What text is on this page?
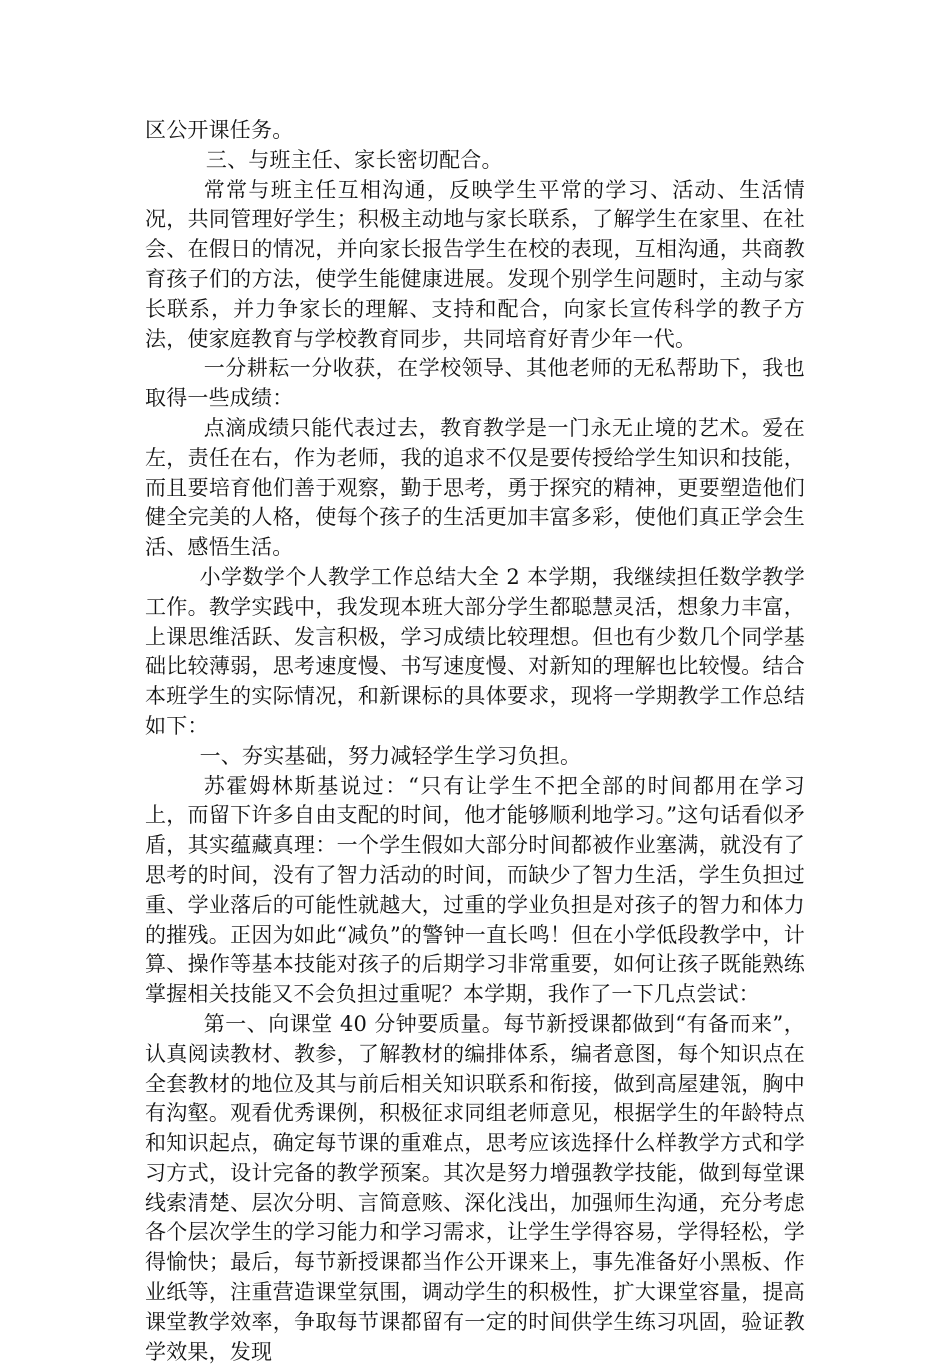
区公开课任务。

三、与班主任、家长密切配合。

常常与班主任互相沟通，反映学生平常的学习、活动、生活情况，共同管理好学生；积极主动地与家长联系，了解学生在家里、在社会、在假日的情况，并向家长报告学生在校的表现，互相沟通，共商教育孩子们的方法，使学生能健康进展。发现个别学生问题时，主动与家长联系，并力争家长的理解、支持和配合，向家长宣传科学的教子方法，使家庭教育与学校教育同步，共同培育好青少年一代。

一分耕耘一分收获，在学校领导、其他老师的无私帮助下，我也取得一些成绩：

点滴成绩只能代表过去，教育教学是一门永无止境的艺术。爱在左，责任在右，作为老师，我的追求不仅是要传授给学生知识和技能，而且要培育他们善于观察，勤于思考，勇于探究的精神，更要塑造他们健全完美的人格，使每个孩子的生活更加丰富多彩，使他们真正学会生活、感悟生活。

小学数学个人教学工作总结大全 2 本学期，我继续担任数学教学工作。教学实践中，我发现本班大部分学生都聪慧灵活，想象力丰富，上课思维活跃、发言积极，学习成绩比较理想。但也有少数几个同学基础比较薄弱，思考速度慢、书写速度慢、对新知的理解也比较慢。结合本班学生的实际情况，和新课标的具体要求，现将一学期教学工作总结如下：

一、夯实基础，努力减轻学生学习负担。

苏霍姆林斯基说过：“只有让学生不把全部的时间都用在学习上，而留下许多自由支配的时间，他才能够顺利地学习。”这句话看似矛盾，其实蕴藏真理：一个学生假如大部分时间都被作业塞满，就没有了思考的时间，没有了智力活动的时间，而缺少了智力生活，学生负担过重、学业落后的可能性就越大，过重的学业负担是对孩子的智力和体力的摧残。正因为如此“减负”的警钟一直长鸣！但在小学低段教学中，计算、操作等基本技能对孩子的后期学习非常重要，如何让孩子既能熟练掌握相关技能又不会负担过重呢？本学期，我作了一下几点尝试：

第一、向课堂 40 分钟要质量。每节新授课都做到“有备而来”，认真阅读教材、教参，了解教材的编排体系，编者意图，每个知识点在全套教材的地位及其与前后相关知识联系和衔接，做到高屋建瓴，胸中有沟壑。观看优秀课例，积极征求同组老师意见，根据学生的年龄特点和知识起点，确定每节课的重难点，思考应该选择什么样教学方式和学习方式，设计完备的教学预案。其次是努力增强教学技能，做到每堂课线索清楚、层次分明、言简意赅、深化浅出，加强师生沟通，充分考虑各个层次学生的学习能力和学习需求，让学生学得容易，学得轻松，学得愉快；最后，每节新授课都当作公开课来上，事先准备好小黑板、作业纸等，注重营造课堂氛围，调动学生的积极性，扩大课堂容量，提高课堂教学效率，争取每节课都留有一定的时间供学生练习巩固，验证教学效果，发现
